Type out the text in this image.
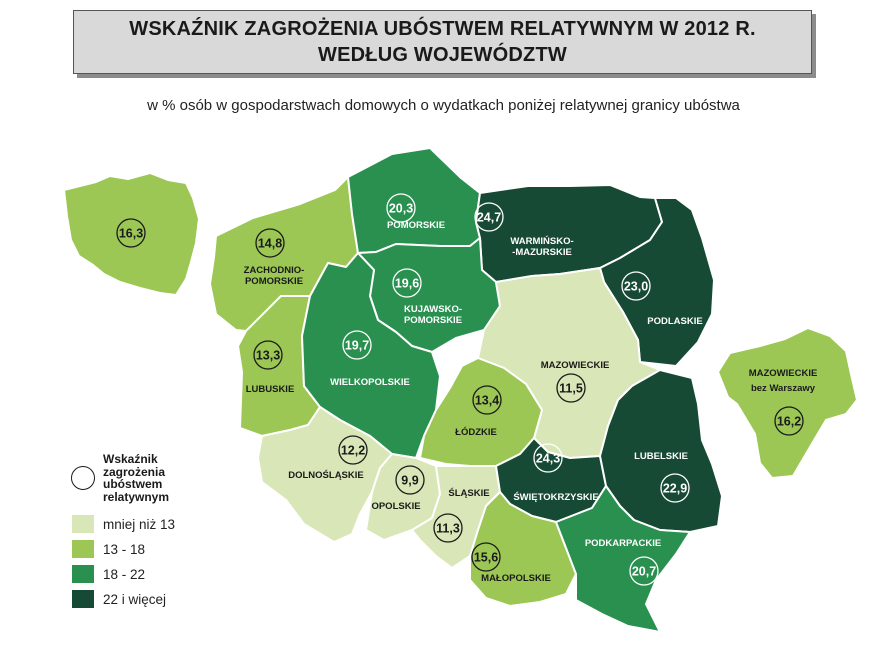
WSKAŹNIK ZAGROŻENIA UBÓSTWEM RELATYWNYM W 2012 R.
WEDŁUG WOJEWÓDZTW
w % osób w gospodarstwach domowych o wydatkach poniżej relatywnej granicy ubóstwa
14,8
ZACHODNIO-
POMORSKIE
20,3
POMORSKIE
24,7
WARMIŃSKO-
-MAZURSKIE
23,0
PODLASKIE
19,6
KUJAWSKO-
POMORSKIE
13,3
LUBUSKIE
19,7
WIELKOPOLSKIE	11,5
MAZOWIECKIE
13,4
ŁÓDZKIE
12,2
DOLNOŚLĄSKIE	9,9
OPOLSKIE
11,3
ŚLĄSKIE
24,3
ŚWIĘTOKRZYSKIE
22,9
LUBELSKIE
15,6
MAŁOPOLSKIE	20,7
PODKARPACKIE
16,3
MAZOWIECKIE
bez Warszawy
16,2
Wskaźnik
zagrożenia
ubóstwem
relatywnym
mniej niż 13
13 - 18
18 - 22
22 i więcej
